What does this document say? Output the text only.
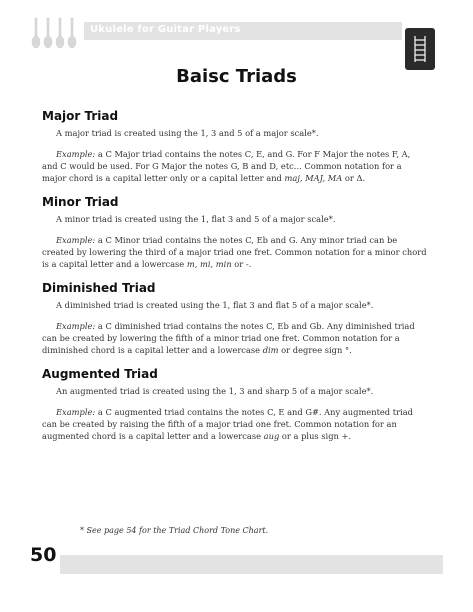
Ukulele for Guitar Players
Baisc Triads
Major Triad

A major triad is created using the 1, 3 and 5 of a major scale*.

Example: a C Major triad contains the notes C, E, and G. For F Major the notes F, A, and C would be used. For G Major the notes G, B and D, etc... Common notation for a major chord is a capital letter only or a capital letter and maj, MAJ, MA or Δ.

Minor Triad

A minor triad is created using the 1, flat 3 and 5 of a major scale*.

Example: a C Minor triad contains the notes C, Eb and G. Any minor triad can be created by lowering the third of a major triad one fret. Common notation for a minor chord is a capital letter and a lowercase m, mi, min or -.

Diminished Triad

A diminished triad is created using the 1, flat 3 and flat 5 of a major scale*.

Example: a C diminished triad contains the notes C, Eb and Gb. Any diminished triad can be created by lowering the fifth of a minor triad one fret. Common notation for a diminished chord is a capital letter and a lowercase dim or degree sign °.

Augmented Triad

An augmented triad is created using the 1, 3 and sharp 5 of a major scale*.

Example: a C augmented triad contains the notes C, E and G#. Any augmented triad can be created by raising the fifth of a major triad one fret. Common notation for an augmented chord is a capital letter and a lowercase aug or a plus sign +.

* See page 54 for the Triad Chord Tone Chart.
50
